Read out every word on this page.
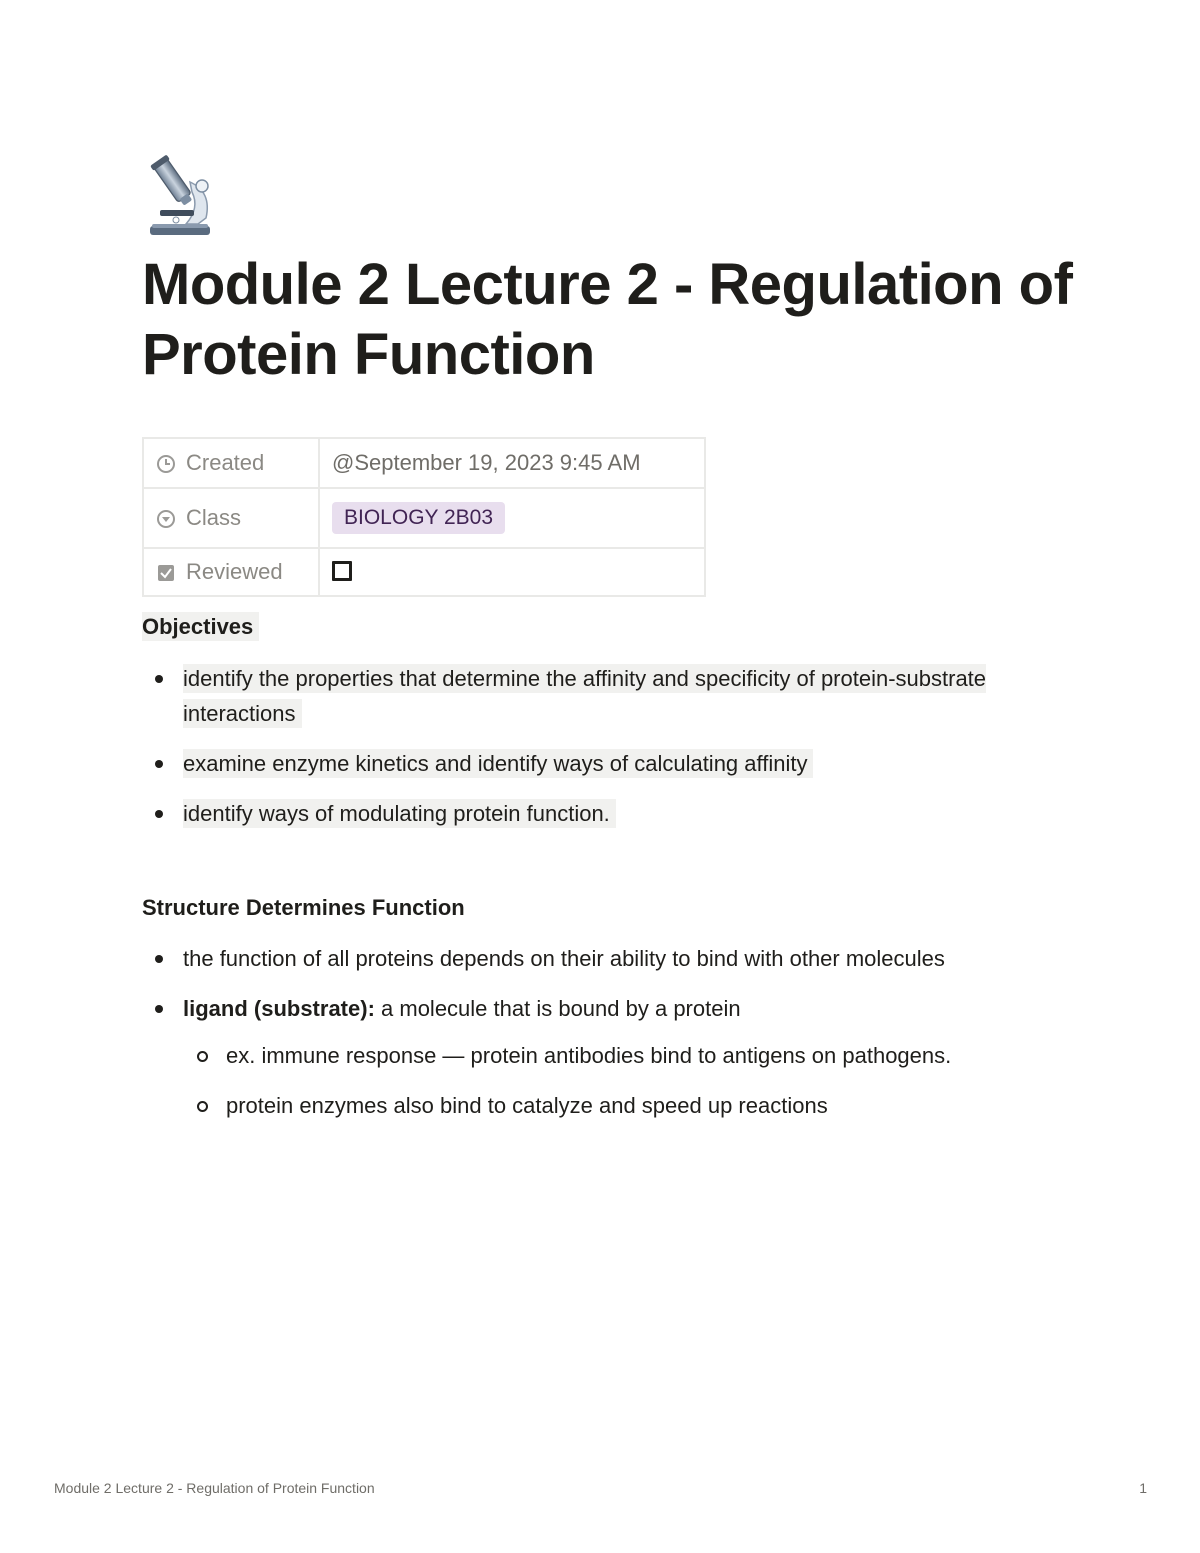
Module 2 Lecture 2 - Regulation of Protein Function
Created	@September 19, 2023 9:45 AM

Class	BIOLOGY 2B03

Reviewed	

Objectives
identify the properties that determine the affinity and specificity of protein-substrate interactions
examine enzyme kinetics and identify ways of calculating affinity
identify ways of modulating protein function.
Structure Determines Function
the function of all proteins depends on their ability to bind with other molecules
ligand (substrate): a molecule that is bound by a protein
ex. immune response — protein antibodies bind to antigens on pathogens.
protein enzymes also bind to catalyze and speed up reactions
Module 2 Lecture 2 - Regulation of Protein Function	1
